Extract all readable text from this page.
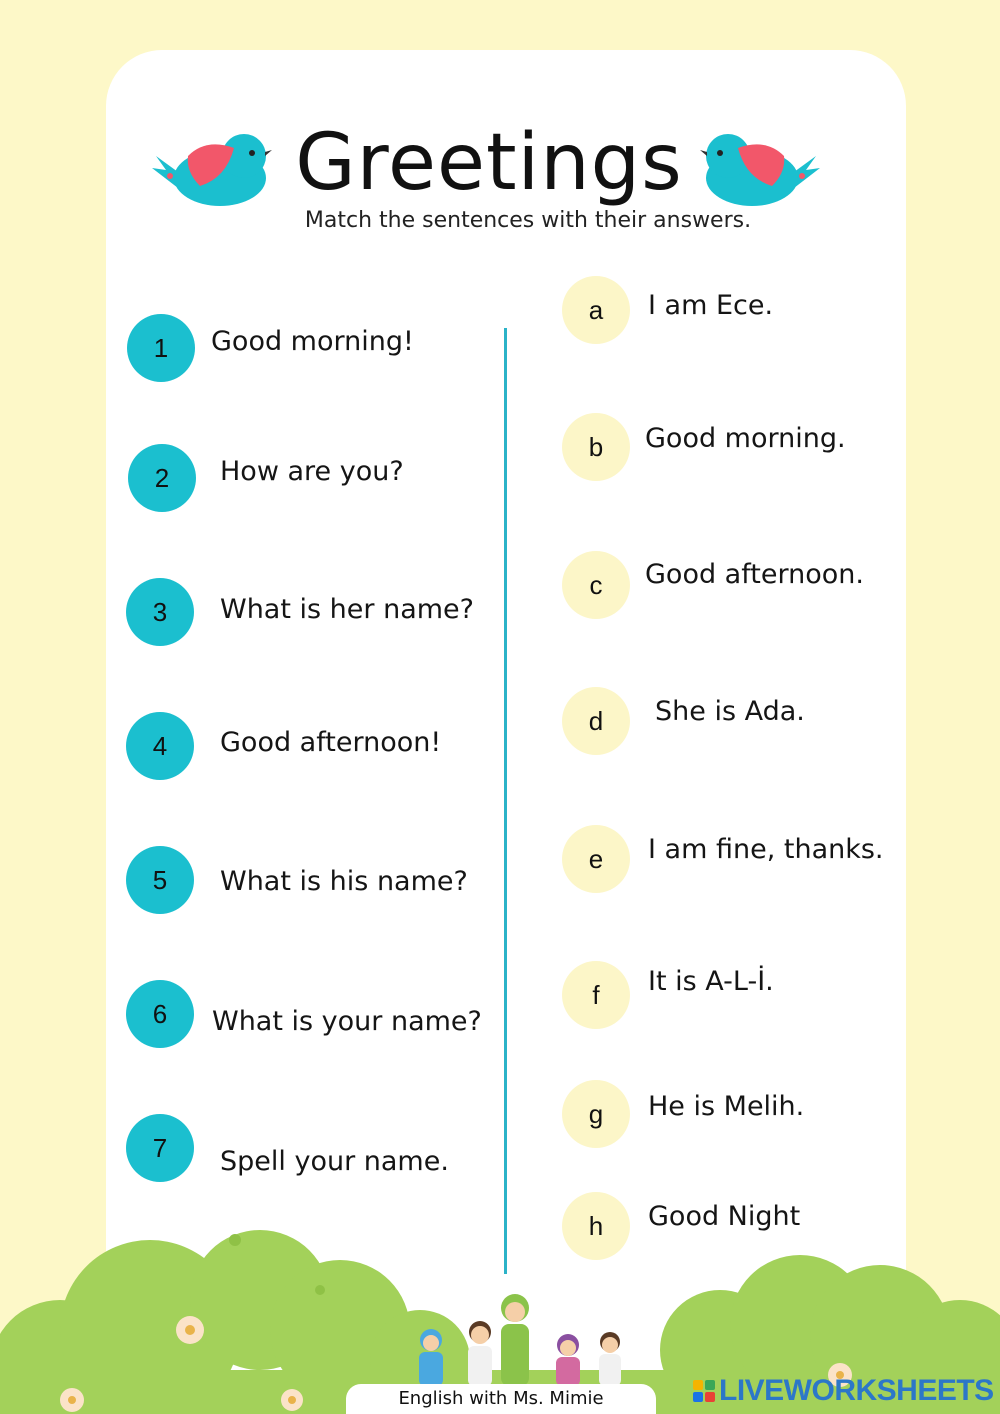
Greetings

Match the sentences with their answers.

1	Good morning!
2	How are you?
3	What is her name?
4	Good afternoon!
5	What is his name?
6	What is your name?
7	Spell your name.
a	I am Ece.
b	Good morning.
c	Good afternoon.
d	She is Ada.
e	I am fine, thanks.
f	It is A-L-İ.
g	He is Melih.
h	Good Night
English with Ms. Mimie	LIVEWORKSHEETS
